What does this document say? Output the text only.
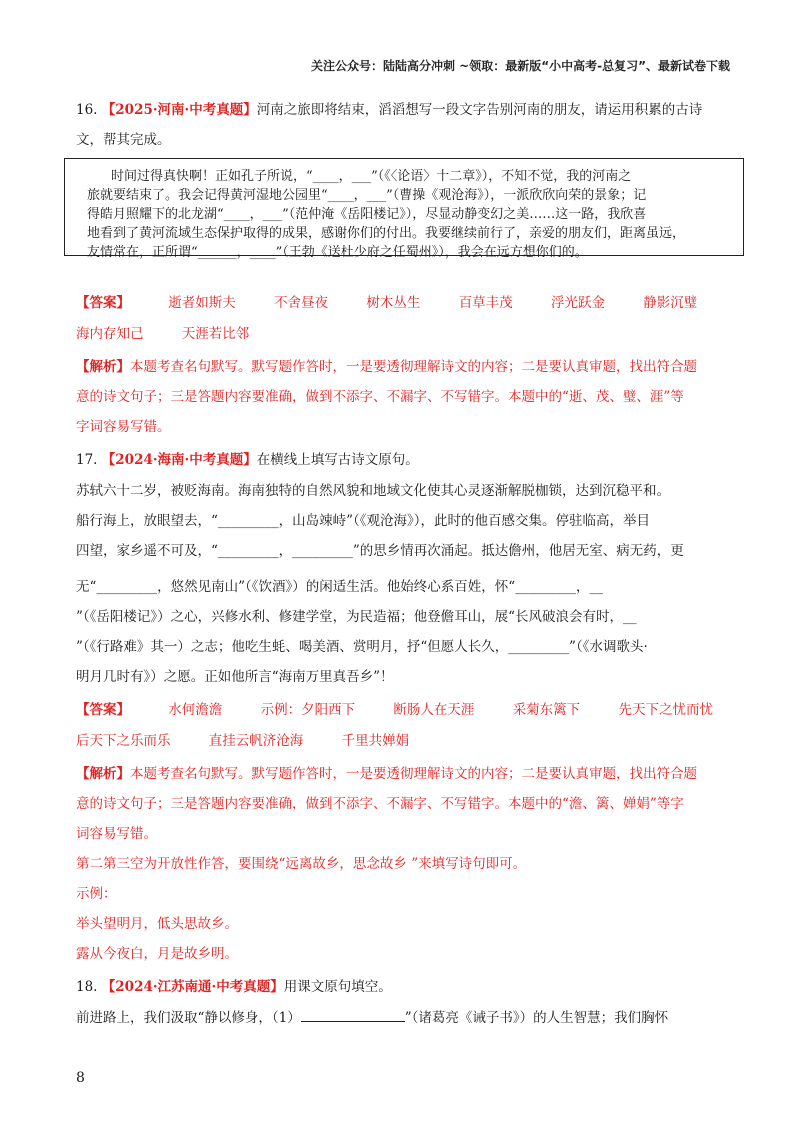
关注公众号：陆陆高分冲刺 ~领取：最新版“小中高考-总复习”、最新试卷下载
16. 【2025·河南·中考真题】河南之旅即将结束，滔滔想写一段文字告别河南的朋友，请运用积累的古诗
文，帮其完成。
时间过得真快啊！正如孔子所说，“____，___”（《〈论语〉十二章》），不知不觉，我的河南之
旅就要结束了。我会记得黄河湿地公园里“____，___”（曹操《观沧海》），一派欣欣向荣的景象；记
得皓月照耀下的北龙湖“____，___”（范仲淹《岳阳楼记》），尽显动静变幻之美……这一路，我欣喜
地看到了黄河流域生态保护取得的成果，感谢你们的付出。我要继续前行了，亲爱的朋友们，距离虽远，
友情常在，正所谓“______，____”（王勃《送杜少府之任蜀州》），我会在远方想你们的。
【答案】	逝者如斯夫	不舍昼夜	树木丛生	百草丰茂	浮光跃金	静影沉璧
海内存知己	天涯若比邻
【解析】本题考查名句默写。默写题作答时，一是要透彻理解诗文的内容；二是要认真审题，找出符合题
意的诗文句子；三是答题内容要准确，做到不添字、不漏字、不写错字。本题中的“逝、茂、璧、涯”等
字词容易写错。
17. 【2024·海南·中考真题】在横线上填写古诗文原句。
苏轼六十二岁，被贬海南。海南独特的自然风貌和地域文化使其心灵逐渐解脱枷锁，达到沉稳平和。
船行海上，放眼望去，“_________，山岛竦峙”（《观沧海》），此时的他百感交集。停驻临高，举目
四望，家乡遥不可及，“_________，_________”的思乡情再次涌起。抵达儋州，他居无室、病无药，更
无“_________，悠然见南山”（《饮酒》）的闲适生活。他始终心系百姓，怀“_________，__
”（《岳阳楼记》）之心，兴修水利、修建学堂，为民造福；他登儋耳山，展“长风破浪会有时，__
”（《行路难》其一）之志；他吃生蚝、喝美酒、赏明月，抒“但愿人长久，_________”（《水调歌头·
明月几时有》）之愿。正如他所言“海南万里真吾乡”！
【答案】	水何澹澹	示例：夕阳西下	断肠人在天涯	采菊东篱下	先天下之忧而忧
后天下之乐而乐	直挂云帆济沧海	千里共婵娟
【解析】本题考查名句默写。默写题作答时，一是要透彻理解诗文的内容；二是要认真审题，找出符合题
意的诗文句子；三是答题内容要准确，做到不添字、不漏字、不写错字。本题中的“澹、篱、婵娟”等字
词容易写错。
第二第三空为开放性作答，要围绕“远离故乡，思念故乡 ”来填写诗句即可。
示例：
举头望明月，低头思故乡。
露从今夜白，月是故乡明。
18. 【2024·江苏南通·中考真题】用课文原句填空。
前进路上，我们汲取“静以修身，（1）	”（诸葛亮《诫子书》）的人生智慧；我们胸怀
8
